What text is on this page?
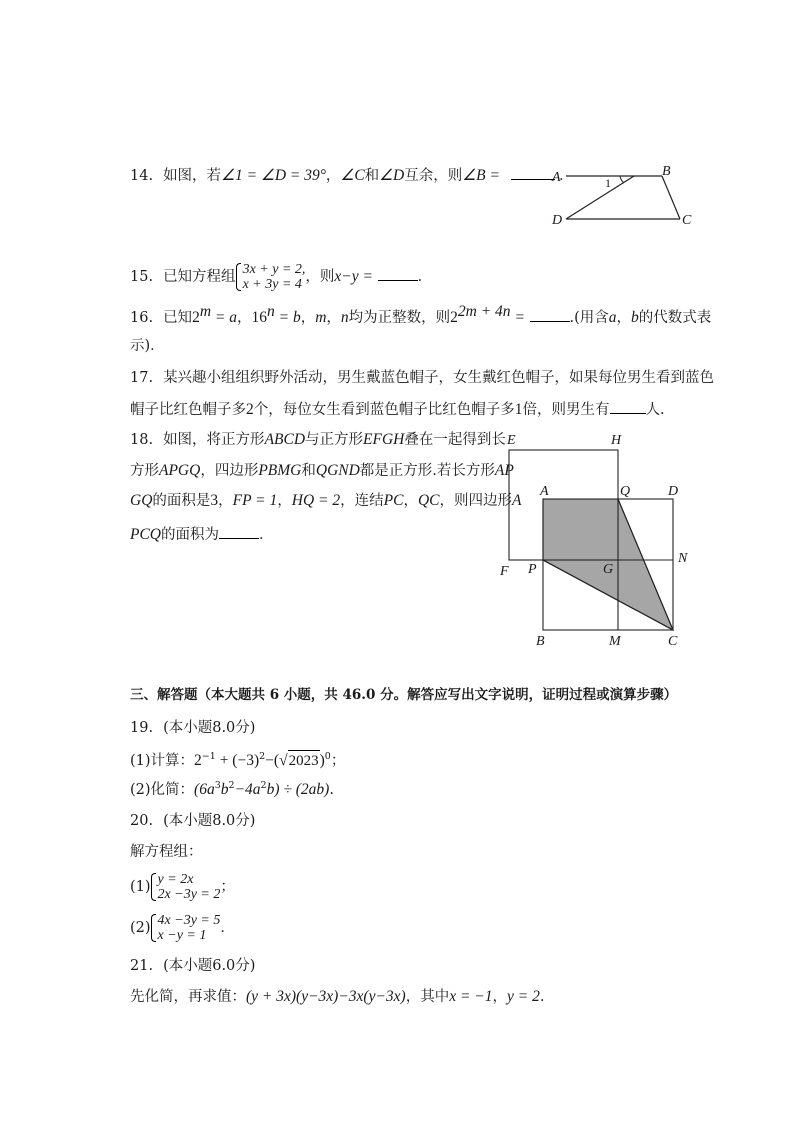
14. 如图，若∠1 = ∠D = 39°，∠C和∠D互余，则∠B =	．
A	B
C
D
1
15. 已知方程组 3x + y = 2,
x + 3y = 4 ，则x−y =	．
16. 已知$2^m = a$，$16^n = b$，m，n均为正整数，则$2^{2m + 4n}$ =	.(用含a，b的代数式表
示)．
17. 某兴趣小组组织野外活动，男生戴蓝色帽子，女生戴红色帽子，如果每位男生看到蓝色
帽子比红色帽子多2个，每位女生看到蓝色帽子比红色帽子多1倍，则男生有 人.
18. 如图，将正方形ABCD与正方形EFGH叠在一起得到长
方形APGQ，四边形PBMG和QGND都是正方形.若长方形AP
GQ的面积是3，FP = 1，HQ = 2，连结PC，QC，则四边形A
PCQ的面积为	．
E	H
A	Q	D
N
F P	G
B	M	C
三、解答题（本大题共 6 小题，共 46.0 分。解答应写出文字说明，证明过程或演算步骤）
19. (本小题8.0分)
(1)计算：$2^{-1} + (-3)^2-(√2023)^0$；
(2)化简：$(6a^3b^2-4a^2b) \div (2ab)$.
20. (本小题8.0分)
解方程组：
(1) y = 2x
2x −3y = 2 ；
(2) 4x −3y = 5
x −y = 1 ．
21. (本小题6.0分)
先化简，再求值：(y + 3x)(y−3x)−3x(y−3x)，其中x = −1，y = 2.
